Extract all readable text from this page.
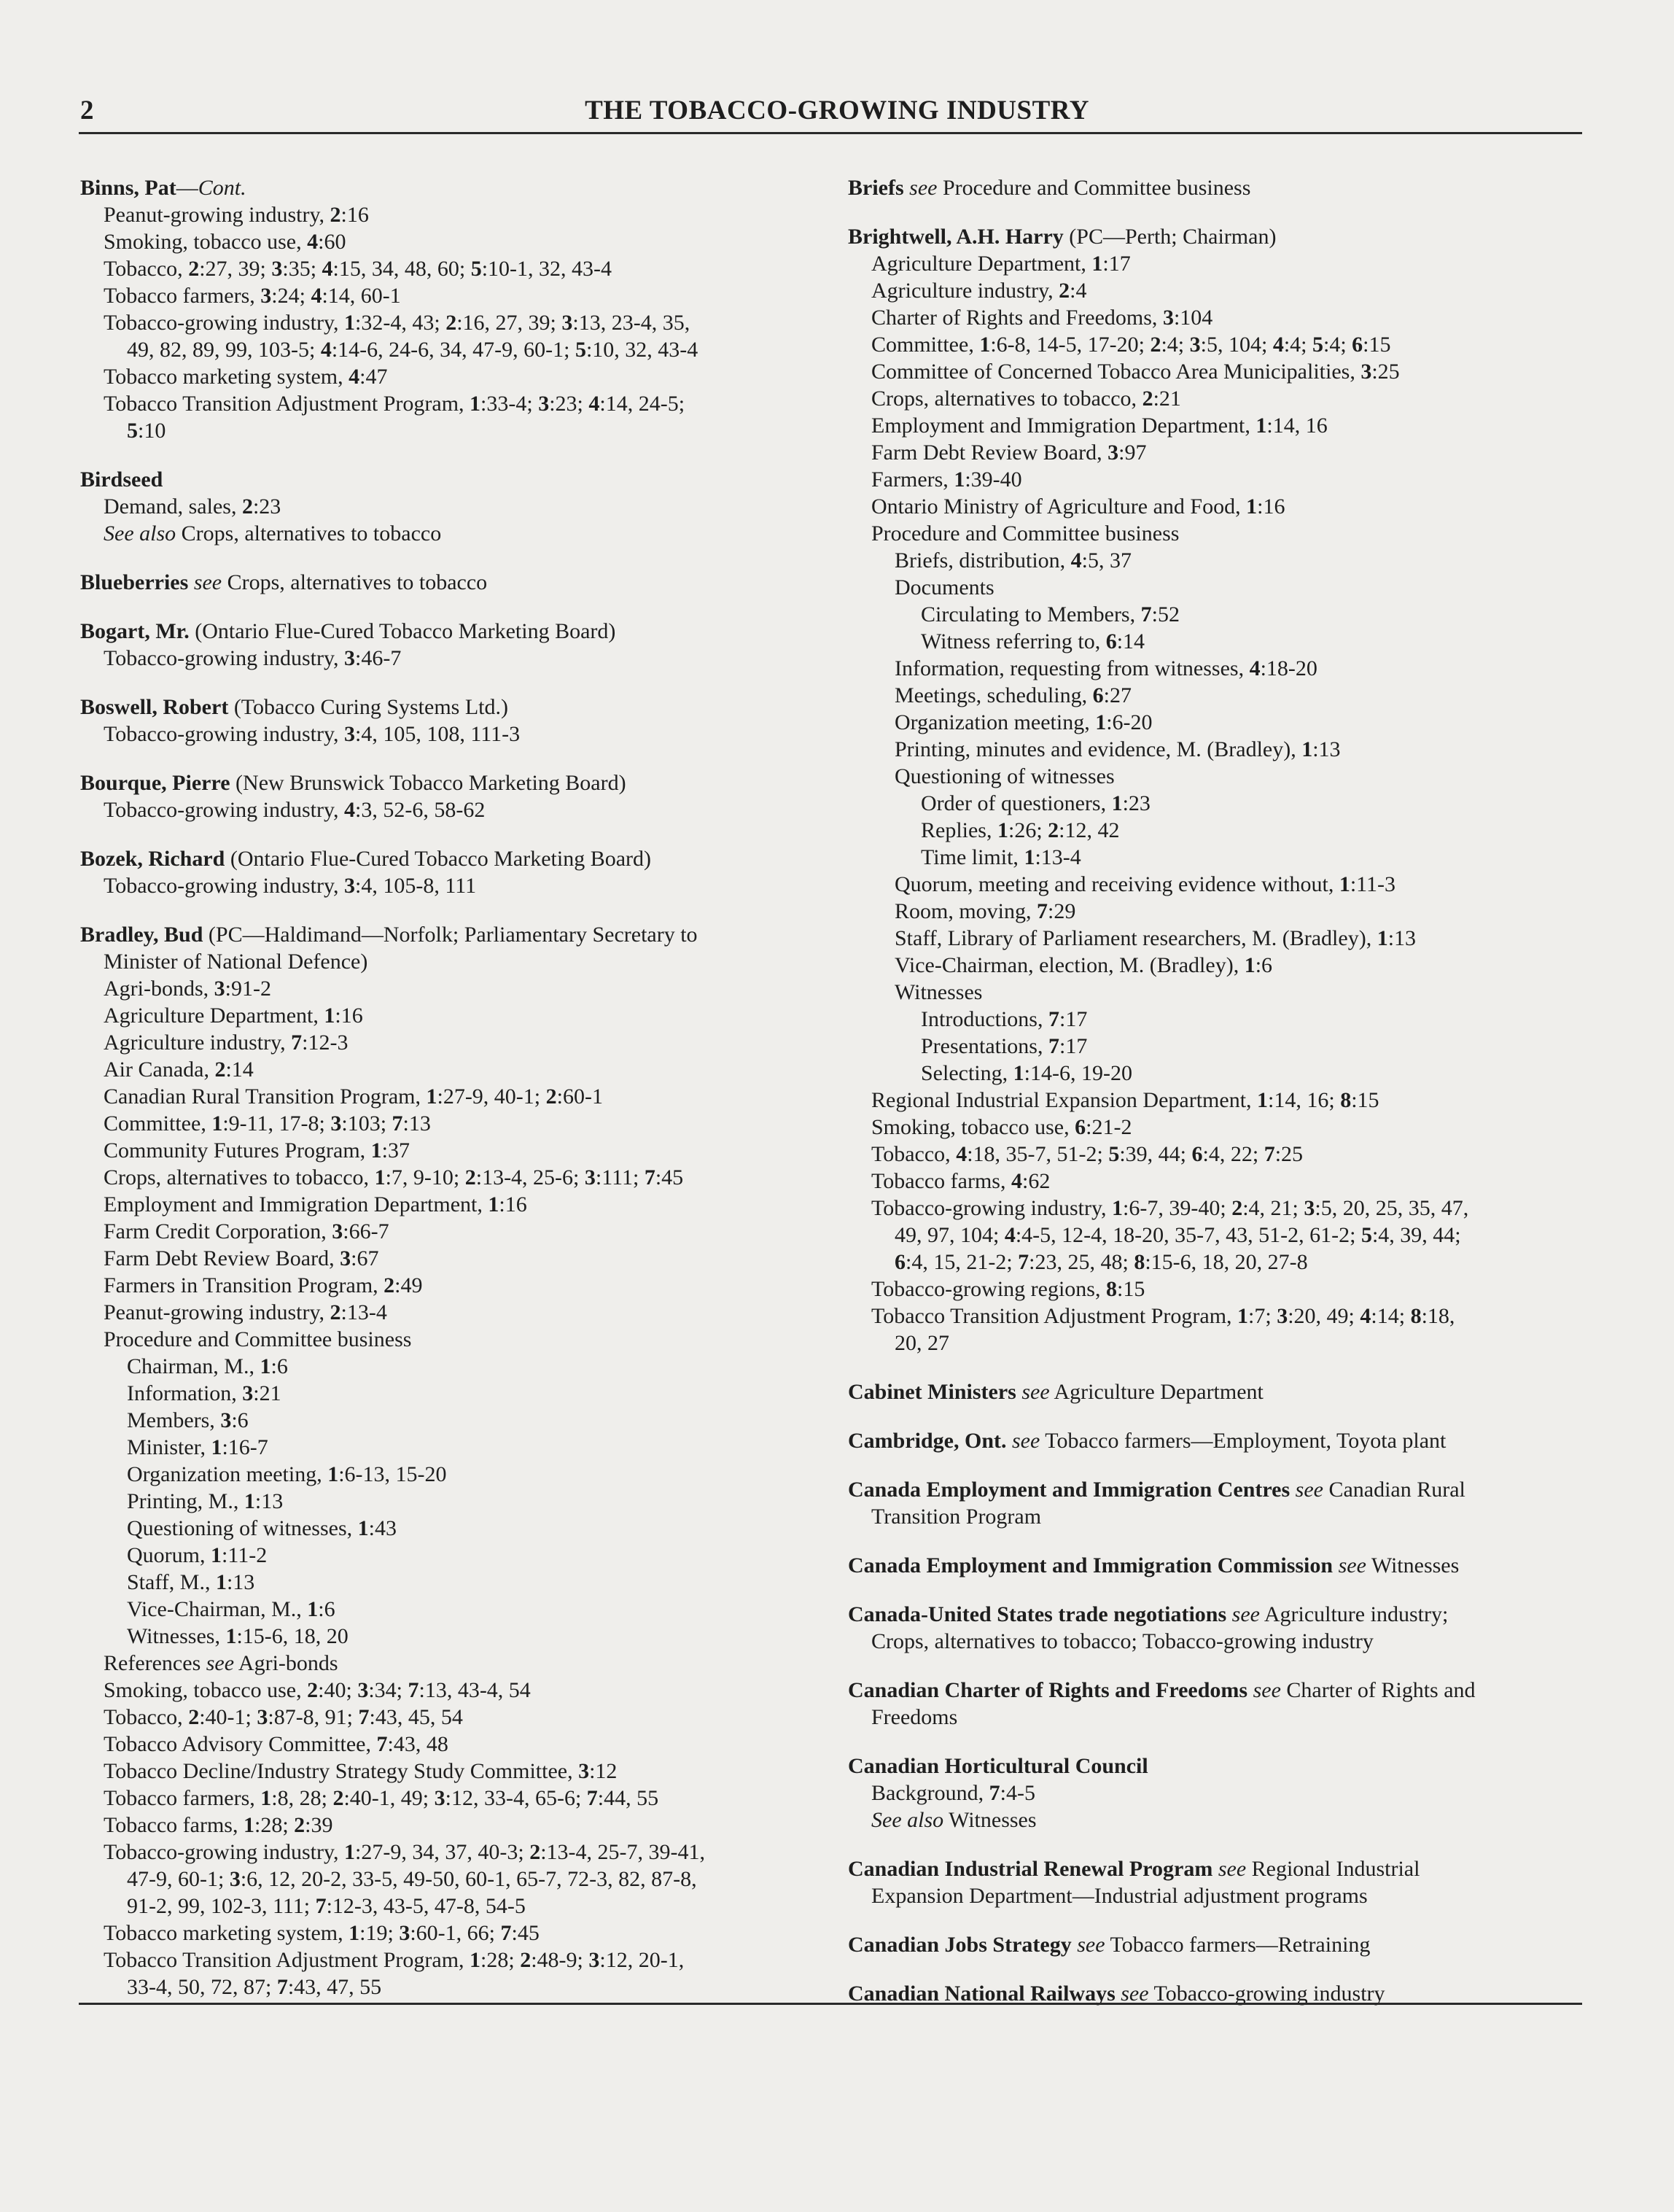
2	THE TOBACCO-GROWING INDUSTRY
Binns, Pat—Cont.
Peanut-growing industry, 2:16
Smoking, tobacco use, 4:60
Tobacco, 2:27, 39; 3:35; 4:15, 34, 48, 60; 5:10-1, 32, 43-4
Tobacco farmers, 3:24; 4:14, 60-1
Tobacco-growing industry, 1:32-4, 43; 2:16, 27, 39; 3:13, 23-4, 35,
49, 82, 89, 99, 103-5; 4:14-6, 24-6, 34, 47-9, 60-1; 5:10, 32, 43-4
Tobacco marketing system, 4:47
Tobacco Transition Adjustment Program, 1:33-4; 3:23; 4:14, 24-5;
5:10
Birdseed
Demand, sales, 2:23
See also Crops, alternatives to tobacco
Blueberries see Crops, alternatives to tobacco
Bogart, Mr. (Ontario Flue-Cured Tobacco Marketing Board)
Tobacco-growing industry, 3:46-7
Boswell, Robert (Tobacco Curing Systems Ltd.)
Tobacco-growing industry, 3:4, 105, 108, 111-3
Bourque, Pierre (New Brunswick Tobacco Marketing Board)
Tobacco-growing industry, 4:3, 52-6, 58-62
Bozek, Richard (Ontario Flue-Cured Tobacco Marketing Board)
Tobacco-growing industry, 3:4, 105-8, 111
Bradley, Bud (PC—Haldimand—Norfolk; Parliamentary Secretary to
Minister of National Defence)
Agri-bonds, 3:91-2
Agriculture Department, 1:16
Agriculture industry, 7:12-3
Air Canada, 2:14
Canadian Rural Transition Program, 1:27-9, 40-1; 2:60-1
Committee, 1:9-11, 17-8; 3:103; 7:13
Community Futures Program, 1:37
Crops, alternatives to tobacco, 1:7, 9-10; 2:13-4, 25-6; 3:111; 7:45
Employment and Immigration Department, 1:16
Farm Credit Corporation, 3:66-7
Farm Debt Review Board, 3:67
Farmers in Transition Program, 2:49
Peanut-growing industry, 2:13-4
Procedure and Committee business
Chairman, M., 1:6
Information, 3:21
Members, 3:6
Minister, 1:16-7
Organization meeting, 1:6-13, 15-20
Printing, M., 1:13
Questioning of witnesses, 1:43
Quorum, 1:11-2
Staff, M., 1:13
Vice-Chairman, M., 1:6
Witnesses, 1:15-6, 18, 20
References see Agri-bonds
Smoking, tobacco use, 2:40; 3:34; 7:13, 43-4, 54
Tobacco, 2:40-1; 3:87-8, 91; 7:43, 45, 54
Tobacco Advisory Committee, 7:43, 48
Tobacco Decline/Industry Strategy Study Committee, 3:12
Tobacco farmers, 1:8, 28; 2:40-1, 49; 3:12, 33-4, 65-6; 7:44, 55
Tobacco farms, 1:28; 2:39
Tobacco-growing industry, 1:27-9, 34, 37, 40-3; 2:13-4, 25-7, 39-41,
47-9, 60-1; 3:6, 12, 20-2, 33-5, 49-50, 60-1, 65-7, 72-3, 82, 87-8,
91-2, 99, 102-3, 111; 7:12-3, 43-5, 47-8, 54-5
Tobacco marketing system, 1:19; 3:60-1, 66; 7:45
Tobacco Transition Adjustment Program, 1:28; 2:48-9; 3:12, 20-1,
33-4, 50, 72, 87; 7:43, 47, 55
Briefs see Procedure and Committee business
Brightwell, A.H. Harry (PC—Perth; Chairman)
Agriculture Department, 1:17
Agriculture industry, 2:4
Charter of Rights and Freedoms, 3:104
Committee, 1:6-8, 14-5, 17-20; 2:4; 3:5, 104; 4:4; 5:4; 6:15
Committee of Concerned Tobacco Area Municipalities, 3:25
Crops, alternatives to tobacco, 2:21
Employment and Immigration Department, 1:14, 16
Farm Debt Review Board, 3:97
Farmers, 1:39-40
Ontario Ministry of Agriculture and Food, 1:16
Procedure and Committee business
Briefs, distribution, 4:5, 37
Documents
Circulating to Members, 7:52
Witness referring to, 6:14
Information, requesting from witnesses, 4:18-20
Meetings, scheduling, 6:27
Organization meeting, 1:6-20
Printing, minutes and evidence, M. (Bradley), 1:13
Questioning of witnesses
Order of questioners, 1:23
Replies, 1:26; 2:12, 42
Time limit, 1:13-4
Quorum, meeting and receiving evidence without, 1:11-3
Room, moving, 7:29
Staff, Library of Parliament researchers, M. (Bradley), 1:13
Vice-Chairman, election, M. (Bradley), 1:6
Witnesses
Introductions, 7:17
Presentations, 7:17
Selecting, 1:14-6, 19-20
Regional Industrial Expansion Department, 1:14, 16; 8:15
Smoking, tobacco use, 6:21-2
Tobacco, 4:18, 35-7, 51-2; 5:39, 44; 6:4, 22; 7:25
Tobacco farms, 4:62
Tobacco-growing industry, 1:6-7, 39-40; 2:4, 21; 3:5, 20, 25, 35, 47,
49, 97, 104; 4:4-5, 12-4, 18-20, 35-7, 43, 51-2, 61-2; 5:4, 39, 44;
6:4, 15, 21-2; 7:23, 25, 48; 8:15-6, 18, 20, 27-8
Tobacco-growing regions, 8:15
Tobacco Transition Adjustment Program, 1:7; 3:20, 49; 4:14; 8:18,
20, 27
Cabinet Ministers see Agriculture Department
Cambridge, Ont. see Tobacco farmers—Employment, Toyota plant
Canada Employment and Immigration Centres see Canadian Rural
Transition Program
Canada Employment and Immigration Commission see Witnesses
Canada-United States trade negotiations see Agriculture industry;
Crops, alternatives to tobacco; Tobacco-growing industry
Canadian Charter of Rights and Freedoms see Charter of Rights and
Freedoms
Canadian Horticultural Council
Background, 7:4-5
See also Witnesses
Canadian Industrial Renewal Program see Regional Industrial
Expansion Department—Industrial adjustment programs
Canadian Jobs Strategy see Tobacco farmers—Retraining
Canadian National Railways see Tobacco-growing industry
